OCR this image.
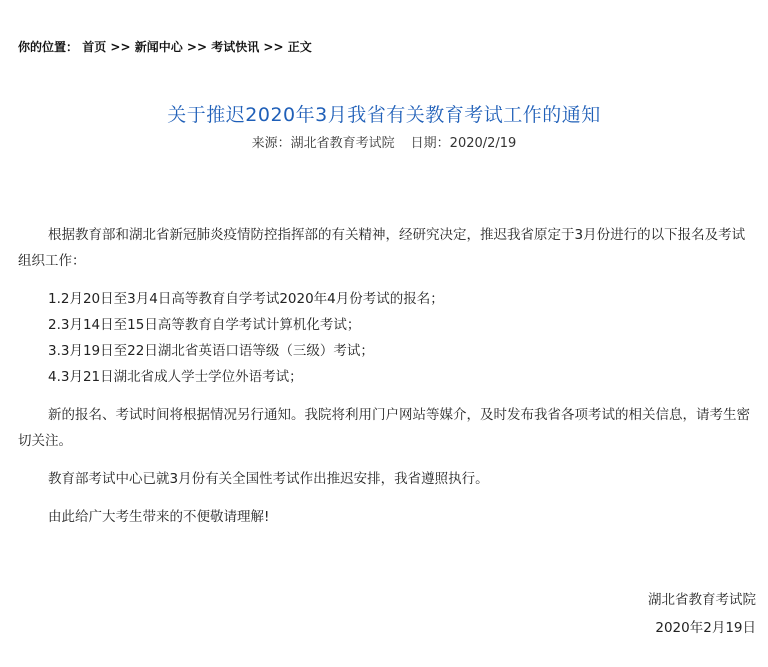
你的位置： 首页 >> 新闻中心 >> 考试快讯 >> 正文
关于推迟2020年3月我省有关教育考试工作的通知
来源：湖北省教育考试院 日期：2020/2/19

根据教育部和湖北省新冠肺炎疫情防控指挥部的有关精神，经研究决定，推迟我省原定于3月份进行的以下报名及考试组织工作：

1.2月20日至3月4日高等教育自学考试2020年4月份考试的报名；

2.3月14日至15日高等教育自学考试计算机化考试；

3.3月19日至22日湖北省英语口语等级（三级）考试；

4.3月21日湖北省成人学士学位外语考试；

新的报名、考试时间将根据情况另行通知。我院将利用门户网站等媒介，及时发布我省各项考试的相关信息，请考生密切关注。

教育部考试中心已就3月份有关全国性考试作出推迟安排，我省遵照执行。

由此给广大考生带来的不便敬请理解!

湖北省教育考试院
2020年2月19日
